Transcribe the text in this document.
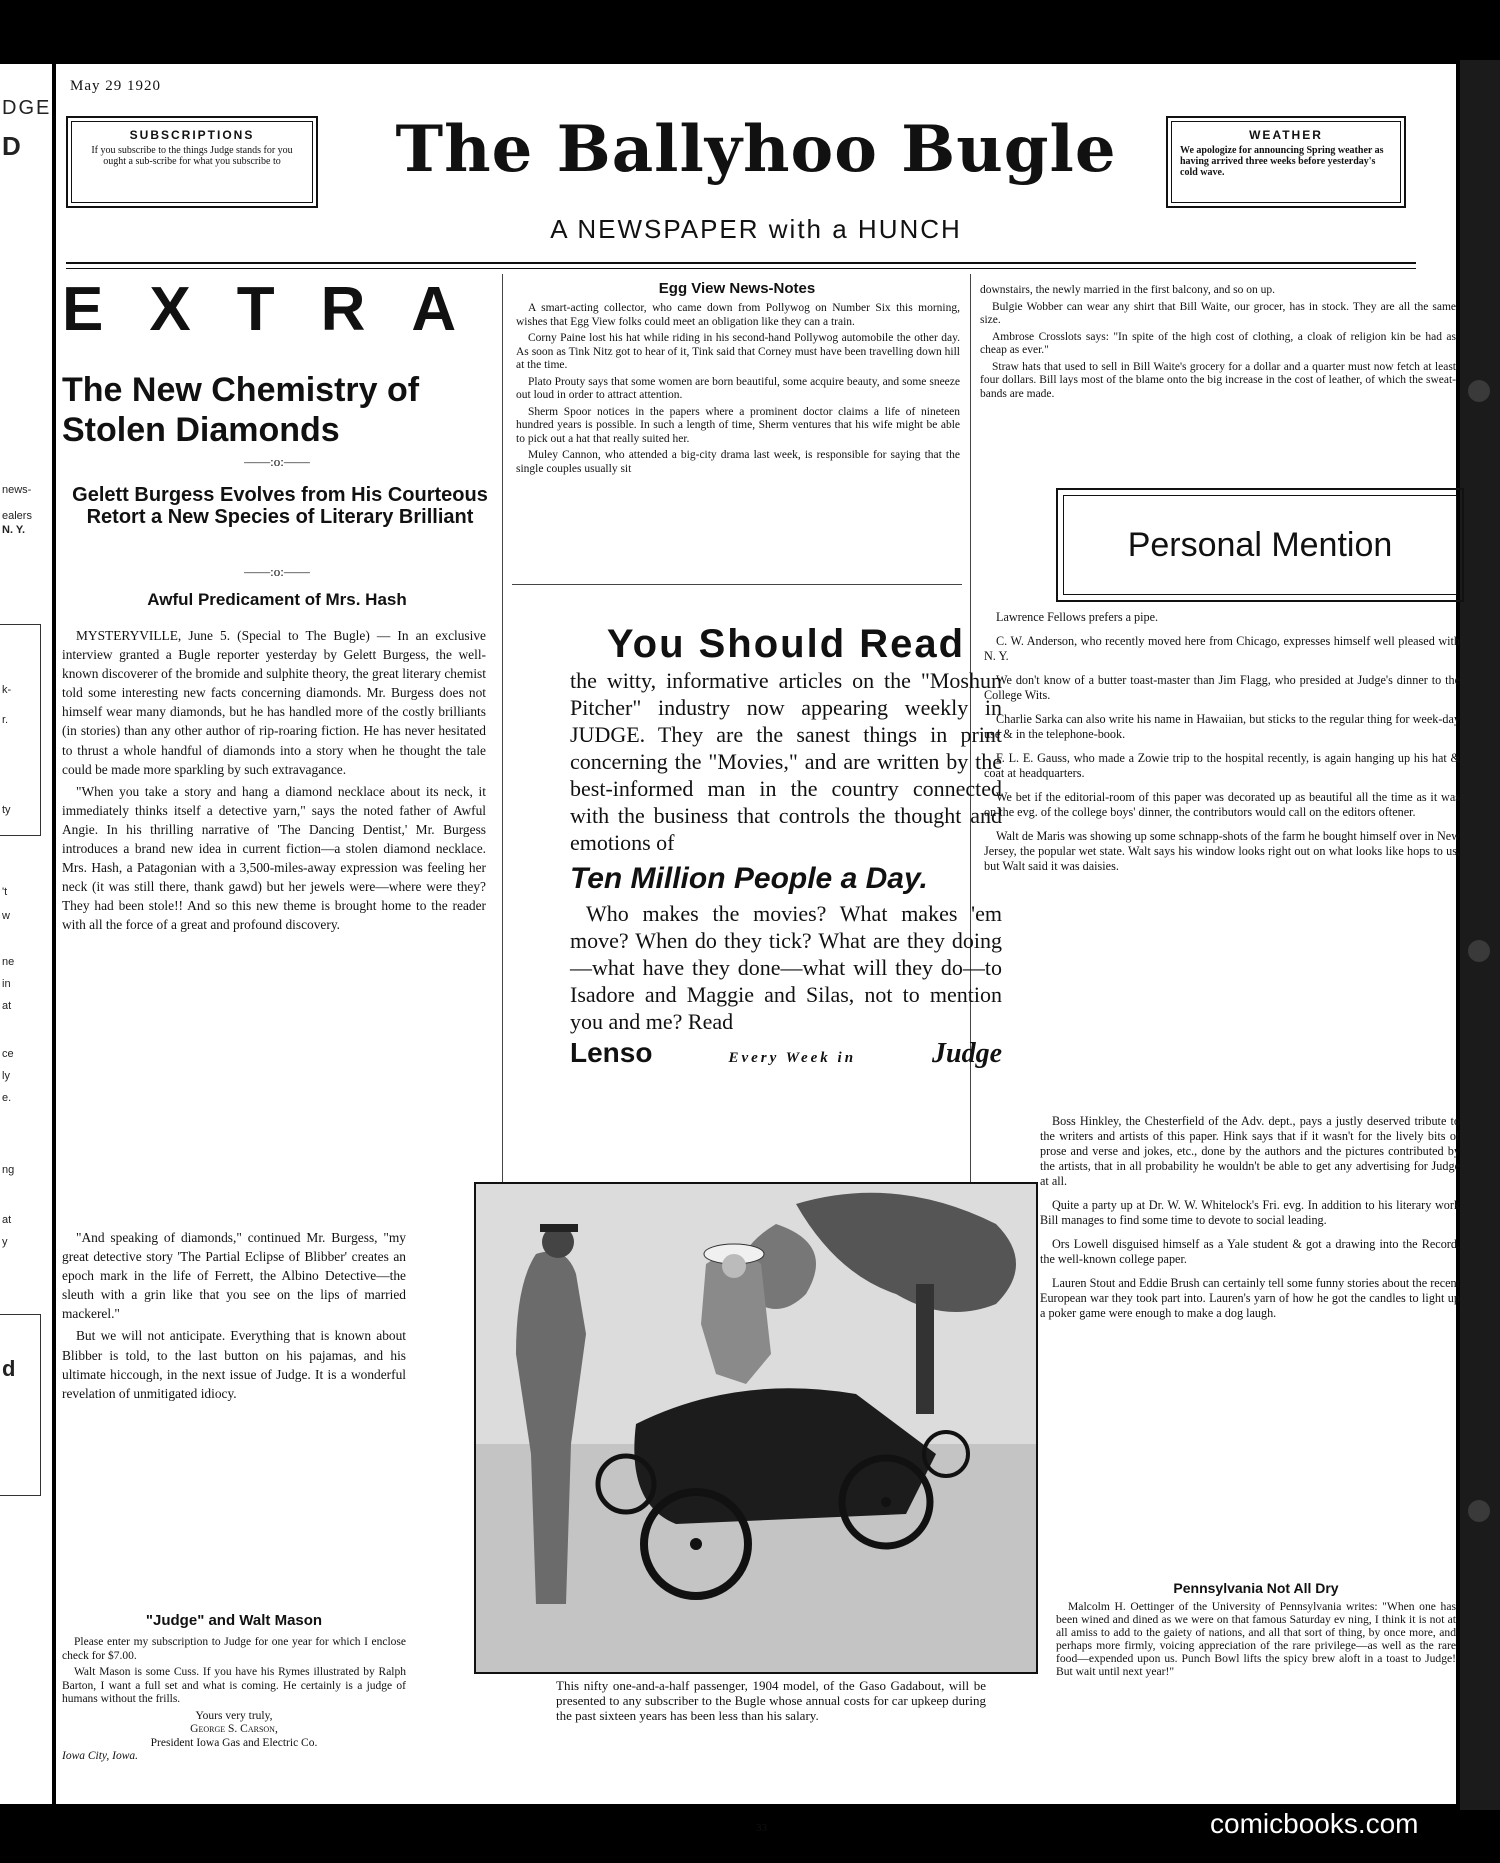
DGE
D
news-
ealers
N. Y.
k-
r.
ty
't
w
ne
in
at
ce
ly
e.
ng
at
y
d
May 29 1920
SUBSCRIPTIONS
If you subscribe to the things Judge stands for you ought a sub-scribe for what you subscribe to	The Ballyhoo Bugle
A NEWSPAPER with a HUNCH
WEATHER
We apologize for announcing Spring weather as having arrived three weeks before yesterday's cold wave.
EXTRA
The New Chemistry of Stolen Diamonds
——:o:——
Gelett Burgess Evolves from His Courteous Retort a New Species of Literary Brilliant
——:o:——
Awful Predicament of Mrs. Hash

MYSTERYVILLE, June 5. (Special to The Bugle) — In an exclusive interview granted a Bugle reporter yesterday by Gelett Burgess, the well-known discoverer of the bromide and sulphite theory, the great literary chemist told some interesting new facts concerning diamonds. Mr. Burgess does not himself wear many diamonds, but he has handled more of the costly brilliants (in stories) than any other author of rip-roaring fiction. He has never hesitated to thrust a whole handful of diamonds into a story when he thought the tale could be made more sparkling by such extravagance.

"When you take a story and hang a diamond necklace about its neck, it immediately thinks itself a detective yarn," says the noted father of Awful Angie. In his thrilling narrative of 'The Dancing Dentist,' Mr. Burgess introduces a brand new idea in current fiction—a stolen diamond necklace. Mrs. Hash, a Patagonian with a 3,500-miles-away expression was feeling her neck (it was still there, thank gawd) but her jewels were—where were they? They had been stole!! And so this new theme is brought home to the reader with all the force of a great and profound discovery.

"And speaking of diamonds," continued Mr. Burgess, "my great detective story 'The Partial Eclipse of Blibber' creates an epoch mark in the life of Ferrett, the Albino Detective—the sleuth with a grin like that you see on the lips of married mackerel."

But we will not anticipate. Everything that is known about Blibber is told, to the last button on his pajamas, and his ultimate hiccough, in the next issue of Judge. It is a wonderful revelation of unmitigated idiocy.

"Judge" and Walt Mason

Please enter my subscription to Judge for one year for which I enclose check for $7.00.

Walt Mason is some Cuss. If you have his Rymes illustrated by Ralph Barton, I want a full set and what is coming. He certainly is a judge of humans without the frills.

Yours very truly,
George S. Carson,
President Iowa Gas and Electric Co.
Iowa City, Iowa.
Egg View News-Notes

A smart-acting collector, who came down from Pollywog on Number Six this morning, wishes that Egg View folks could meet an obligation like they can a train.

Corny Paine lost his hat while riding in his second-hand Pollywog automobile the other day. As soon as Tink Nitz got to hear of it, Tink said that Corney must have been travelling down hill at the time.

Plato Prouty says that some women are born beautiful, some acquire beauty, and some sneeze out loud in order to attract attention.

Sherm Spoor notices in the papers where a prominent doctor claims a life of nineteen hundred years is possible. In such a length of time, Sherm ventures that his wife might be able to pick out a hat that really suited her.

Muley Cannon, who attended a big-city drama last week, is responsible for saying that the single couples usually sit

You Should Read
the witty, informative articles on the "Moshun Pitcher" industry now appearing weekly in JUDGE. They are the sanest things in print concerning the "Movies," and are written by the best-informed man in the country connected with the business that controls the thought and emotions of
Ten Million People a Day.
Who makes the movies? What makes 'em move? When do they tick? What are they doing—what have they done—what will they do—to Isadore and Maggie and Silas, not to mention you and me? Read
Lenso	Every Week in	Judge
This nifty one-and-a-half passenger, 1904 model, of the Gaso Gadabout, will be presented to any subscriber to the Bugle whose annual costs for car upkeep during the past sixteen years has been less than his salary.

downstairs, the newly married in the first balcony, and so on up.

Bulgie Wobber can wear any shirt that Bill Waite, our grocer, has in stock. They are all the same size.

Ambrose Crosslots says: "In spite of the high cost of clothing, a cloak of religion kin be had as cheap as ever."

Straw hats that used to sell in Bill Waite's grocery for a dollar and a quarter must now fetch at least four dollars. Bill lays most of the blame onto the big increase in the cost of leather, of which the sweat-bands are made.

Personal Mention

Lawrence Fellows prefers a pipe.

C. W. Anderson, who recently moved here from Chicago, expresses himself well pleased with N. Y.

We don't know of a butter toast-master than Jim Flagg, who presided at Judge's dinner to the College Wits.

Charlie Sarka can also write his name in Hawaiian, but sticks to the regular thing for week-day use & in the telephone-book.

F. L. E. Gauss, who made a Zowie trip to the hospital recently, is again hanging up his hat & coat at headquarters.

We bet if the editorial-room of this paper was decorated up as beautiful all the time as it was on the evg. of the college boys' dinner, the contributors would call on the editors oftener.

Walt de Maris was showing up some schnapp-shots of the farm he bought himself over in New Jersey, the popular wet state. Walt says his window looks right out on what looks like hops to us, but Walt said it was daisies.

Boss Hinkley, the Chesterfield of the Adv. dept., pays a justly deserved tribute to the writers and artists of this paper. Hink says that if it wasn't for the lively bits of prose and verse and jokes, etc., done by the authors and the pictures contributed by the artists, that in all probability he wouldn't be able to get any advertising for Judge at all.

Quite a party up at Dr. W. W. Whitelock's Fri. evg. In addition to his literary work Bill manages to find some time to devote to social leading.

Ors Lowell disguised himself as a Yale student & got a drawing into the Record, the well-known college paper.

Lauren Stout and Eddie Brush can certainly tell some funny stories about the recent European war they took part into. Lauren's yarn of how he got the candles to light up a poker game were enough to make a dog laugh.

Pennsylvania Not All Dry

Malcolm H. Oettinger of the University of Pennsylvania writes: "When one has been wined and dined as we were on that famous Saturday ev ning, I think it is not at all amiss to add to the gaiety of nations, and all that sort of thing, by once more, and perhaps more firmly, voicing appreciation of the rare privilege—as well as the rare food—expended upon us. Punch Bowl lifts the spicy brew aloft in a toast to Judge! But wait until next year!"

33	comicbooks.com
